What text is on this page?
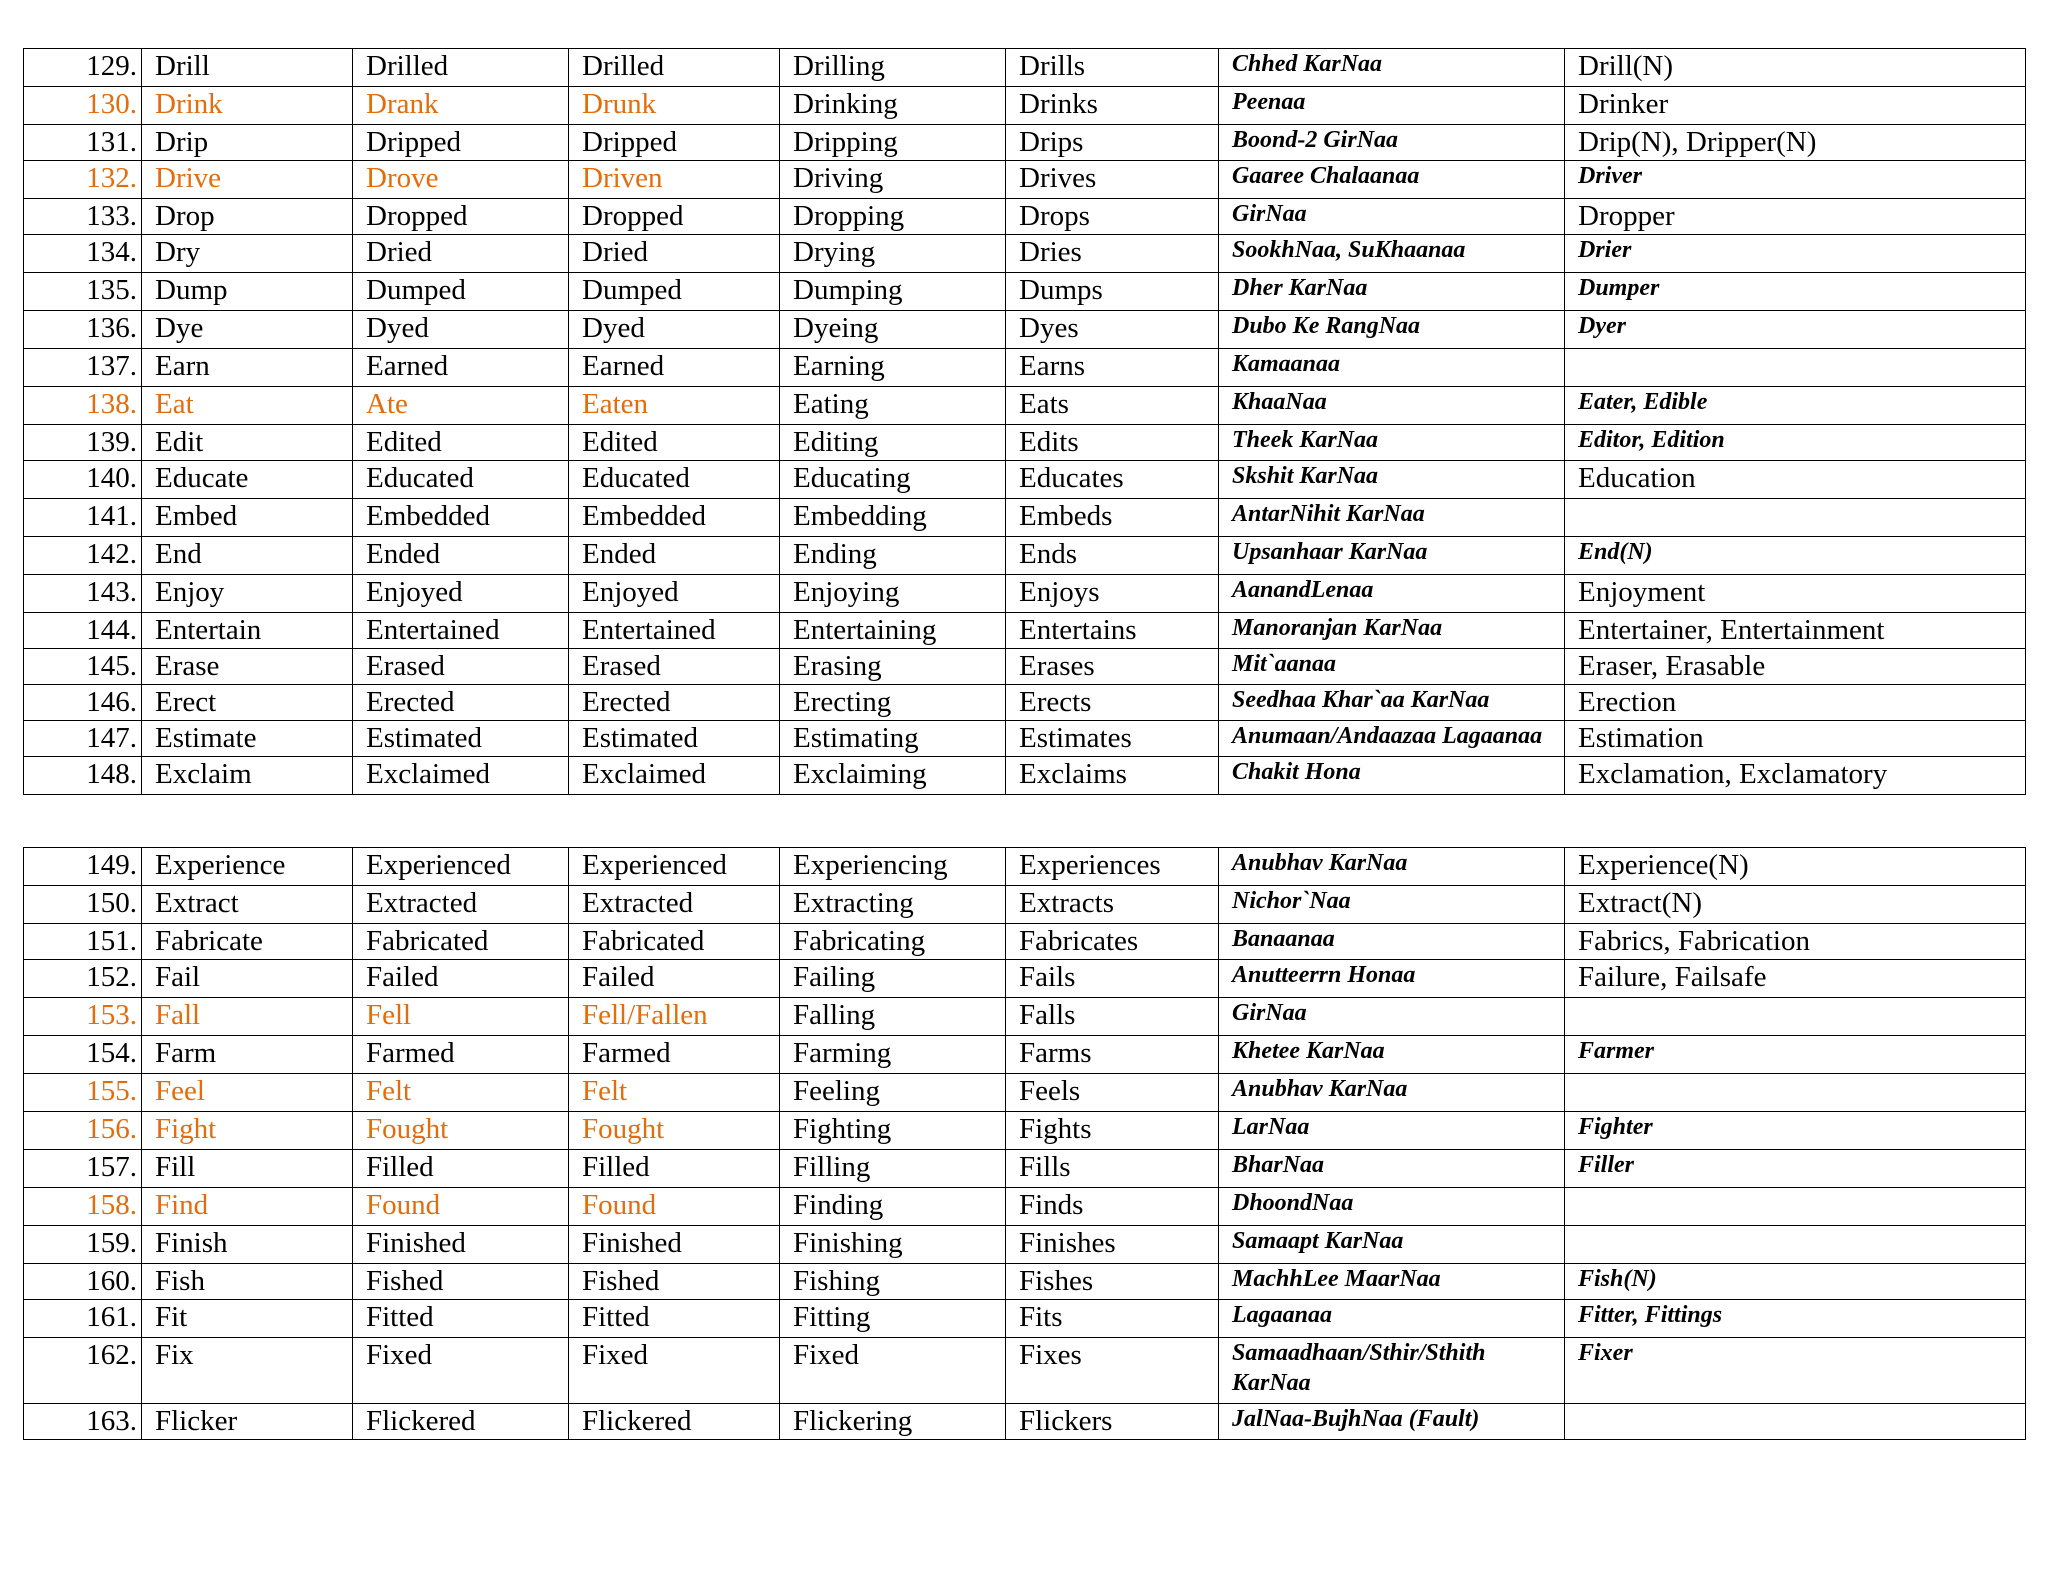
129.	Drill	Drilled	Drilled	Drilling	Drills	Chhed KarNaa	Drill(N)
130.	Drink	Drank	Drunk	Drinking	Drinks	Peenaa	Drinker
131.	Drip	Dripped	Dripped	Dripping	Drips	Boond-2 GirNaa	Drip(N), Dripper(N)
132.	Drive	Drove	Driven	Driving	Drives	Gaaree Chalaanaa	Driver
133.	Drop	Dropped	Dropped	Dropping	Drops	GirNaa	Dropper
134.	Dry	Dried	Dried	Drying	Dries	SookhNaa, SuKhaanaa	Drier
135.	Dump	Dumped	Dumped	Dumping	Dumps	Dher KarNaa	Dumper
136.	Dye	Dyed	Dyed	Dyeing	Dyes	Dubo Ke RangNaa	Dyer
137.	Earn	Earned	Earned	Earning	Earns	Kamaanaa	
138.	Eat	Ate	Eaten	Eating	Eats	KhaaNaa	Eater, Edible
139.	Edit	Edited	Edited	Editing	Edits	Theek KarNaa	Editor, Edition
140.	Educate	Educated	Educated	Educating	Educates	Skshit KarNaa	Education
141.	Embed	Embedded	Embedded	Embedding	Embeds	AntarNihit KarNaa	
142.	End	Ended	Ended	Ending	Ends	Upsanhaar KarNaa	End(N)
143.	Enjoy	Enjoyed	Enjoyed	Enjoying	Enjoys	AanandLenaa	Enjoyment
144.	Entertain	Entertained	Entertained	Entertaining	Entertains	Manoranjan KarNaa	Entertainer, Entertainment
145.	Erase	Erased	Erased	Erasing	Erases	Mit`aanaa	Eraser, Erasable
146.	Erect	Erected	Erected	Erecting	Erects	Seedhaa Khar`aa KarNaa	Erection
147.	Estimate	Estimated	Estimated	Estimating	Estimates	Anumaan/Andaazaa Lagaanaa	Estimation
148.	Exclaim	Exclaimed	Exclaimed	Exclaiming	Exclaims	Chakit Hona	Exclamation, Exclamatory
149.	Experience	Experienced	Experienced	Experiencing	Experiences	Anubhav KarNaa	Experience(N)
150.	Extract	Extracted	Extracted	Extracting	Extracts	Nichor`Naa	Extract(N)
151.	Fabricate	Fabricated	Fabricated	Fabricating	Fabricates	Banaanaa	Fabrics, Fabrication
152.	Fail	Failed	Failed	Failing	Fails	Anutteerrn Honaa	Failure, Failsafe
153.	Fall	Fell	Fell/Fallen	Falling	Falls	GirNaa	
154.	Farm	Farmed	Farmed	Farming	Farms	Khetee KarNaa	Farmer
155.	Feel	Felt	Felt	Feeling	Feels	Anubhav KarNaa	
156.	Fight	Fought	Fought	Fighting	Fights	LarNaa	Fighter
157.	Fill	Filled	Filled	Filling	Fills	BharNaa	Filler
158.	Find	Found	Found	Finding	Finds	DhoondNaa	
159.	Finish	Finished	Finished	Finishing	Finishes	Samaapt KarNaa	
160.	Fish	Fished	Fished	Fishing	Fishes	MachhLee MaarNaa	Fish(N)
161.	Fit	Fitted	Fitted	Fitting	Fits	Lagaanaa	Fitter, Fittings
162.	Fix	Fixed	Fixed	Fixed	Fixes	Samaadhaan/Sthir/Sthith KarNaa	Fixer
163.	Flicker	Flickered	Flickered	Flickering	Flickers	JalNaa-BujhNaa (Fault)	
